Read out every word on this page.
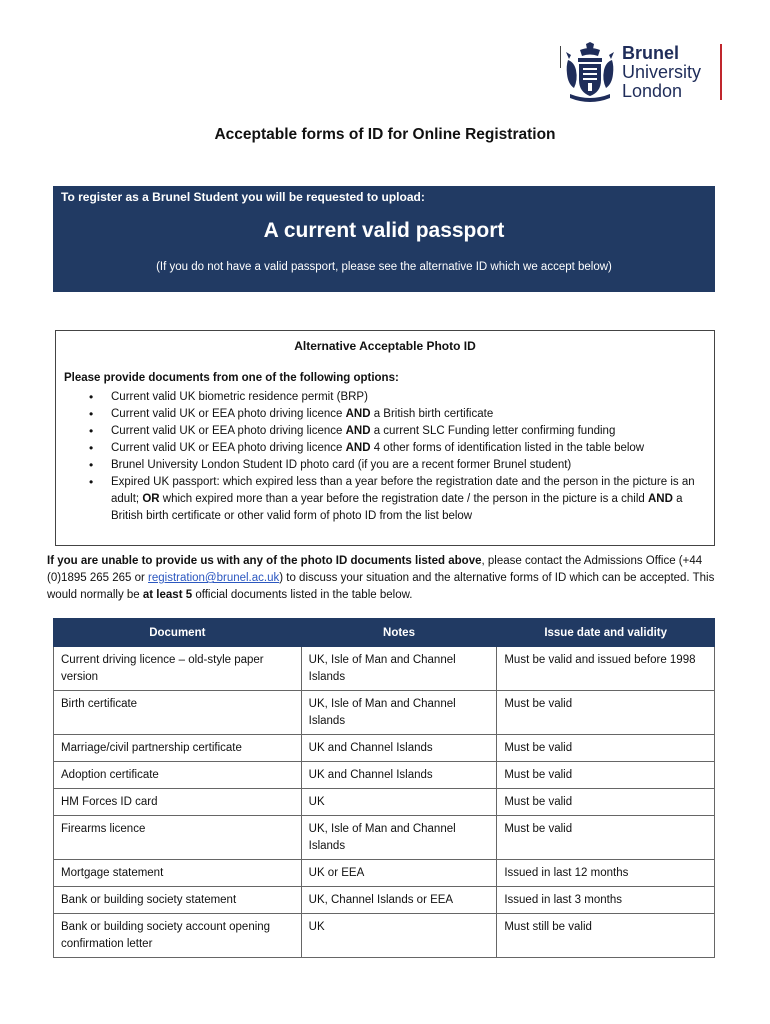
Brunel
University
London
Acceptable forms of ID for Online Registration
To register as a Brunel Student you will be requested to upload:
A current valid passport
(If you do not have a valid passport, please see the alternative ID which we accept below)
Alternative Acceptable Photo ID
Please provide documents from one of the following options:
• Current valid UK biometric residence permit (BRP)
• Current valid UK or EEA photo driving licence AND a British birth certificate
• Current valid UK or EEA photo driving licence AND a current SLC Funding letter confirming funding
• Current valid UK or EEA photo driving licence AND 4 other forms of identification listed in the table below
• Brunel University London Student ID photo card (if you are a recent former Brunel student)
• Expired UK passport: which expired less than a year before the registration date and the person in the picture is an adult; OR which expired more than a year before the registration date / the person in the picture is a child AND a British birth certificate or other valid form of photo ID from the list below
If you are unable to provide us with any of the photo ID documents listed above, please contact the Admissions Office (+44 (0)1895 265 265 or registration@brunel.ac.uk) to discuss your situation and the alternative forms of ID which can be accepted. This would normally be at least 5 official documents listed in the table below.
Document	Notes	Issue date and validity
Current driving licence – old-style paper version	UK, Isle of Man and Channel Islands	Must be valid and issued before 1998
Birth certificate	UK, Isle of Man and Channel Islands	Must be valid
Marriage/civil partnership certificate	UK and Channel Islands	Must be valid
Adoption certificate	UK and Channel Islands	Must be valid
HM Forces ID card	UK	Must be valid
Firearms licence	UK, Isle of Man and Channel Islands	Must be valid
Mortgage statement	UK or EEA	Issued in last 12 months
Bank or building society statement	UK, Channel Islands or EEA	Issued in last 3 months
Bank or building society account opening confirmation letter	UK	Must still be valid
